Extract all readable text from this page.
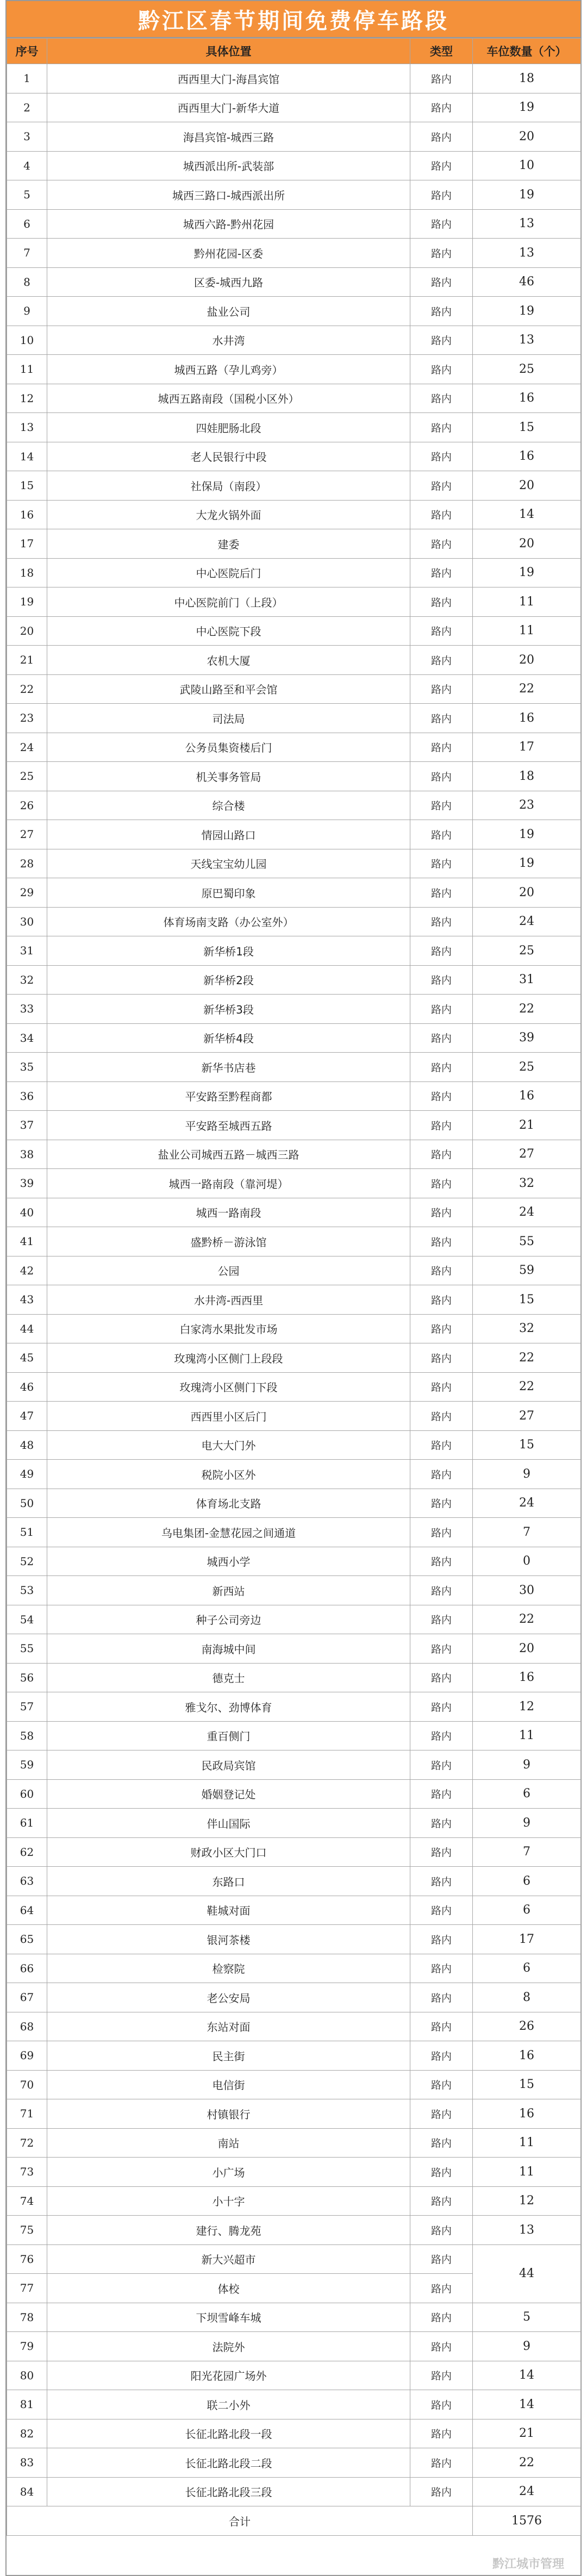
黔江区春节期间免费停车路段
序号	具体位置	类型	车位数量（个）
1	西西里大门-海昌宾馆	路内	18
2	西西里大门-新华大道	路内	19
3	海昌宾馆-城西三路	路内	20
4	城西派出所-武装部	路内	10
5	城西三路口-城西派出所	路内	19
6	城西六路-黔州花园	路内	13
7	黔州花园-区委	路内	13
8	区委-城西九路	路内	46
9	盐业公司	路内	19
10	水井湾	路内	13
11	城西五路（孕儿鸡旁）	路内	25
12	城西五路南段（国税小区外）	路内	16
13	四娃肥肠北段	路内	15
14	老人民银行中段	路内	16
15	社保局（南段）	路内	20
16	大龙火锅外面	路内	14
17	建委	路内	20
18	中心医院后门	路内	19
19	中心医院前门（上段）	路内	11
20	中心医院下段	路内	11
21	农机大厦	路内	20
22	武陵山路至和平会馆	路内	22
23	司法局	路内	16
24	公务员集资楼后门	路内	17
25	机关事务管局	路内	18
26	综合楼	路内	23
27	情园山路口	路内	19
28	天线宝宝幼儿园	路内	19
29	原巴蜀印象	路内	20
30	体育场南支路（办公室外）	路内	24
31	新华桥1段	路内	25
32	新华桥2段	路内	31
33	新华桥3段	路内	22
34	新华桥4段	路内	39
35	新华书店巷	路内	25
36	平安路至黔程商都	路内	16
37	平安路至城西五路	路内	21
38	盐业公司城西五路－城西三路	路内	27
39	城西一路南段（靠河堤）	路内	32
40	城西一路南段	路内	24
41	盛黔桥－游泳馆	路内	55
42	公园	路内	59
43	水井湾-西西里	路内	15
44	白家湾水果批发市场	路内	32
45	玫瑰湾小区侧门上段段	路内	22
46	玫瑰湾小区侧门下段	路内	22
47	西西里小区后门	路内	27
48	电大大门外	路内	15
49	税院小区外	路内	9
50	体育场北支路	路内	24
51	乌电集团-金慧花园之间通道	路内	7
52	城西小学	路内	0
53	新西站	路内	30
54	种子公司旁边	路内	22
55	南海城中间	路内	20
56	德克士	路内	16
57	雅戈尔、劲博体育	路内	12
58	重百侧门	路内	11
59	民政局宾馆	路内	9
60	婚姻登记处	路内	6
61	伴山国际	路内	9
62	财政小区大门口	路内	7
63	东路口	路内	6
64	鞋城对面	路内	6
65	银河茶楼	路内	17
66	检察院	路内	6
67	老公安局	路内	8
68	东站对面	路内	26
69	民主街	路内	16
70	电信街	路内	15
71	村镇银行	路内	16
72	南站	路内	11
73	小广场	路内	11
74	小十字	路内	12
75	建行、腾龙苑	路内	13
76	新大兴超市	路内	44
77	体校	路内	
78	下坝雪峰车城	路内	5
79	法院外	路内	9
80	阳光花园广场外	路内	14
81	联二小外	路内	14
82	长征北路北段一段	路内	21
83	长征北路北段二段	路内	22
84	长征北路北段三段	路内	24
合计			1576
黔江城市管理
